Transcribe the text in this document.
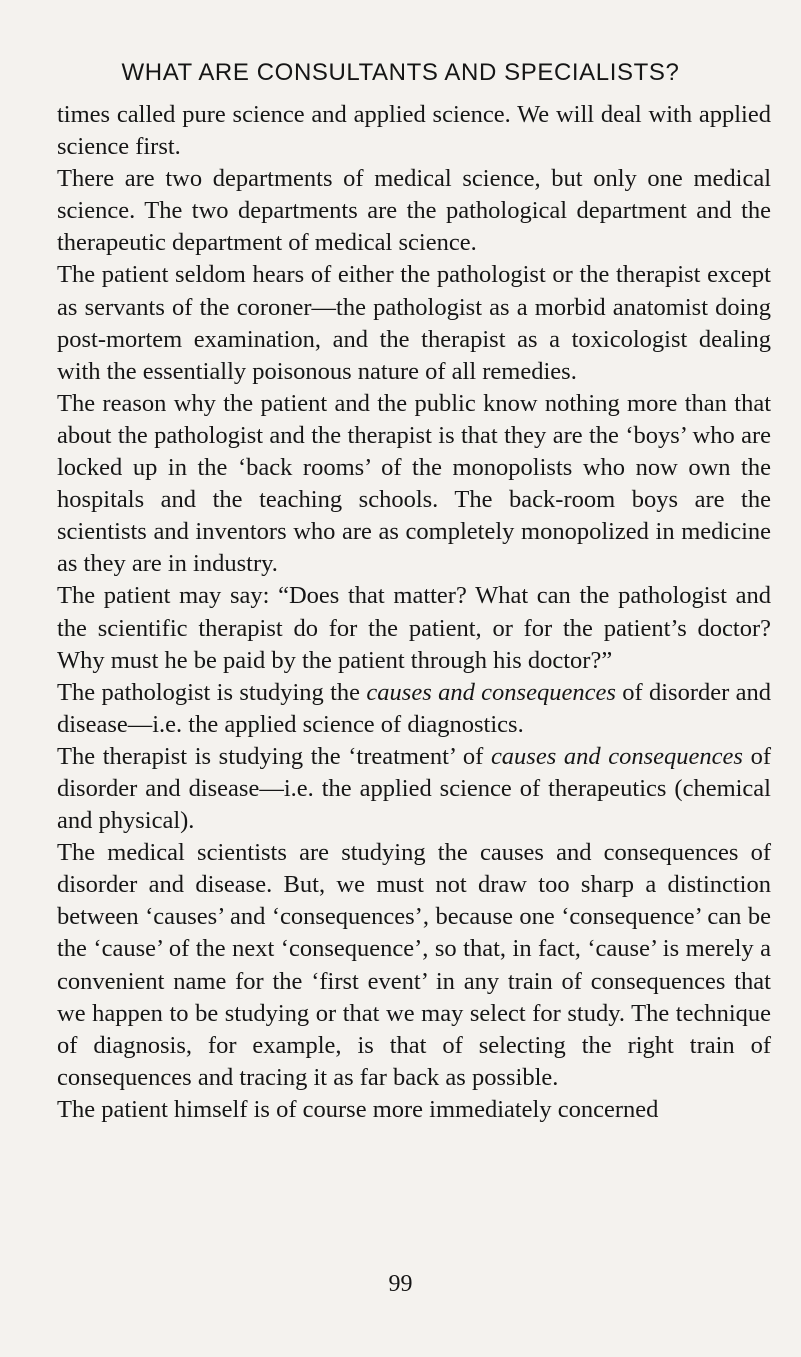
WHAT ARE CONSULTANTS AND SPECIALISTS?

times called pure science and applied science. We will deal with applied science first.

There are two departments of medical science, but only one medical science. The two departments are the pathological department and the therapeutic department of medical science.

The patient seldom hears of either the pathologist or the therapist except as servants of the coroner—the pathologist as a morbid anatomist doing post-mortem examination, and the therapist as a toxicologist dealing with the essentially poisonous nature of all remedies.

The reason why the patient and the public know nothing more than that about the pathologist and the therapist is that they are the ‘boys’ who are locked up in the ‘back rooms’ of the monopolists who now own the hospitals and the teaching schools. The back-room boys are the scientists and inventors who are as completely monopolized in medicine as they are in industry.

The patient may say: “Does that matter? What can the pathologist and the scientific therapist do for the patient, or for the patient’s doctor? Why must he be paid by the patient through his doctor?”

The pathologist is studying the causes and consequences of disorder and disease—i.e. the applied science of diagnostics.

The therapist is studying the ‘treatment’ of causes and consequences of disorder and disease—i.e. the applied science of therapeutics (chemical and physical).

The medical scientists are studying the causes and consequences of disorder and disease. But, we must not draw too sharp a distinction between ‘causes’ and ‘consequences’, because one ‘consequence’ can be the ‘cause’ of the next ‘consequence’, so that, in fact, ‘cause’ is merely a convenient name for the ‘first event’ in any train of consequences that we happen to be studying or that we may select for study. The technique of diagnosis, for example, is that of selecting the right train of consequences and tracing it as far back as possible.

The patient himself is of course more immediately concerned

99
